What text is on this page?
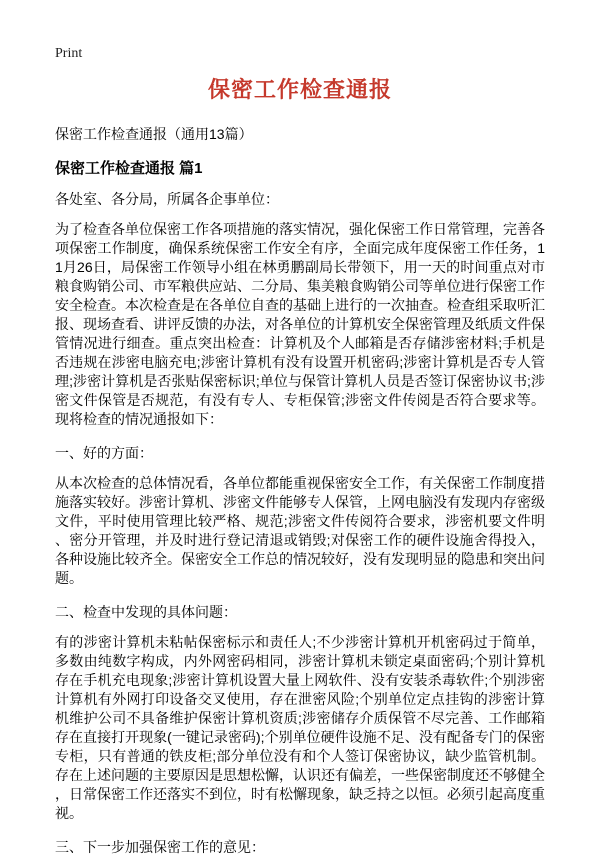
Print
保密工作检查通报
保密工作检查通报（通用13篇）
保密工作检查通报 篇1

各处室、各分局，所属各企事单位：

为了检查各单位保密工作各项措施的落实情况，强化保密工作日常管理，完善各项保密工作制度，确保系统保密工作安全有序，全面完成年度保密工作任务，11月26日，局保密工作领导小组在林勇鹏副局长带领下，用一天的时间重点对市粮食购销公司、市军粮供应站、二分局、集美粮食购销公司等单位进行保密工作安全检查。本次检查是在各单位自查的基础上进行的一次抽查。检查组采取听汇报、现场查看、讲评反馈的办法，对各单位的计算机安全保密管理及纸质文件保管情况进行细查。重点突出检查：计算机及个人邮箱是否存储涉密材料;手机是否违规在涉密电脑充电;涉密计算机有没有设置开机密码;涉密计算机是否专人管理;涉密计算机是否张贴保密标识;单位与保管计算机人员是否签订保密协议书;涉密文件保管是否规范，有没有专人、专柜保管;涉密文件传阅是否符合要求等。现将检查的情况通报如下：

一、好的方面：

从本次检查的总体情况看，各单位都能重视保密安全工作，有关保密工作制度措施落实较好。涉密计算机、涉密文件能够专人保管，上网电脑没有发现内存密级文件，平时使用管理比较严格、规范;涉密文件传阅符合要求，涉密机要文件明、密分开管理，并及时进行登记清退或销毁;对保密工作的硬件设施舍得投入，各种设施比较齐全。保密安全工作总的情况较好，没有发现明显的隐患和突出问题。

二、检查中发现的具体问题：

有的涉密计算机未粘帖保密标示和责任人;不少涉密计算机开机密码过于简单，多数由纯数字构成，内外网密码相同，涉密计算机未锁定桌面密码;个别计算机存在手机充电现象;涉密计算机设置大量上网软件、没有安装杀毒软件;个别涉密计算机有外网打印设备交叉使用，存在泄密风险;个别单位定点挂钩的涉密计算机维护公司不具备维护保密计算机资质;涉密储存介质保管不尽完善、工作邮箱存在直接打开现象(一键记录密码);个别单位硬件设施不足、没有配备专门的保密专柜，只有普通的铁皮柜;部分单位没有和个人签订保密协议，缺少监管机制。存在上述问题的主要原因是思想松懈，认识还有偏差，一些保密制度还不够健全，日常保密工作还落实不到位，时有松懈现象，缺乏持之以恒。必须引起高度重视。

三、下一步加强保密工作的意见：
